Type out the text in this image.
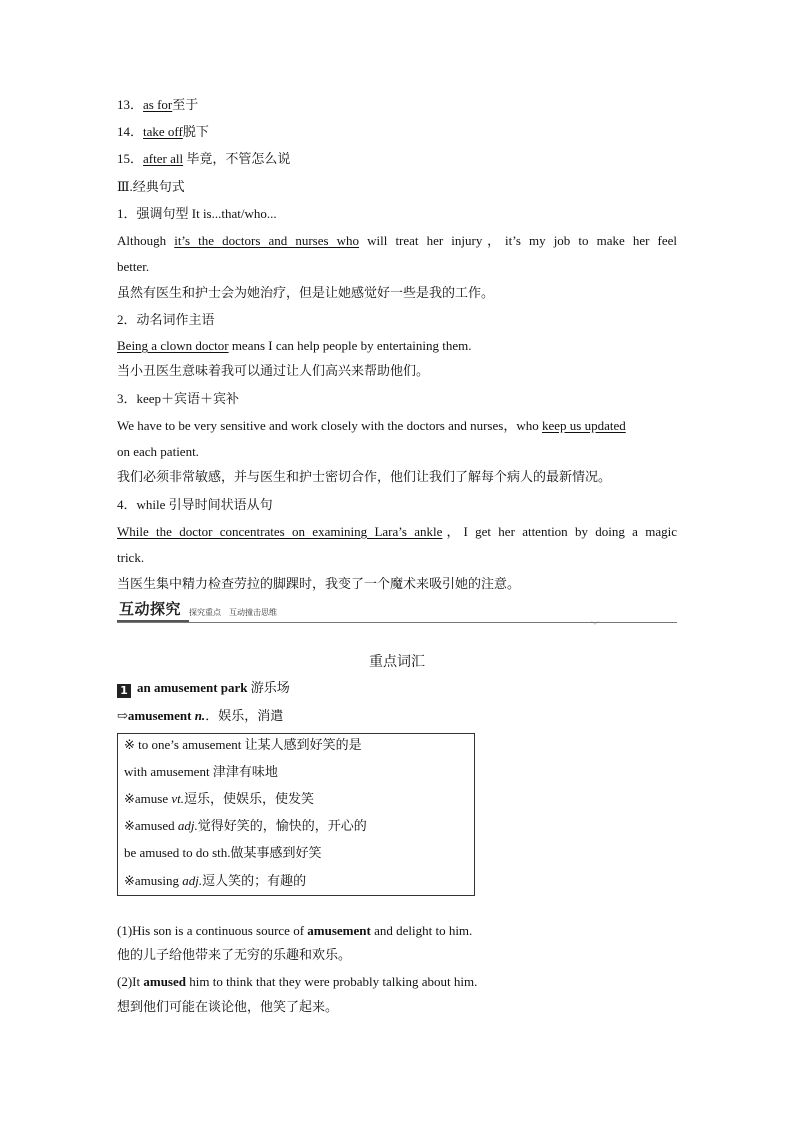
13．as for至于
14．take off脱下
15．after all 毕竟，不管怎么说
Ⅲ.经典句式
1．强调句型 It is...that/who...
Although it’s the doctors and nurses who will treat her injury，it’s my job to make her feel
better.
虽然有医生和护士会为她治疗，但是让她感觉好一些是我的工作。
2．动名词作主语
Being a clown doctor means I can help people by entertaining them.
当小丑医生意味着我可以通过让人们高兴来帮助他们。
3．keep＋宾语＋宾补
We have to be very sensitive and work closely with the doctors and nurses，who keep us updated
on each patient.
我们必须非常敏感，并与医生和护士密切合作，他们让我们了解每个病人的最新情况。
4．while 引导时间状语从句
While the doctor concentrates on examining Lara’s ankle，I get her attention by doing a magic
trick.
当医生集中精力检查劳拉的脚踝时，我变了一个魔术来吸引她的注意。
互动探究 探究重点　互动撞击思维
﹀
重点词汇
1 an amusement park 游乐场
⇨amusement n.．娱乐，消遣
※ to one’s amusement 让某人感到好笑的是
with amusement 津津有味地
※amuse vt.逗乐，使娱乐，使发笑
※amused adj.觉得好笑的，愉快的，开心的
be amused to do sth.做某事感到好笑
※amusing adj.逗人笑的；有趣的
(1)His son is a continuous source of amusement and delight to him.
他的儿子给他带来了无穷的乐趣和欢乐。
(2)It amused him to think that they were probably talking about him.
想到他们可能在谈论他，他笑了起来。
